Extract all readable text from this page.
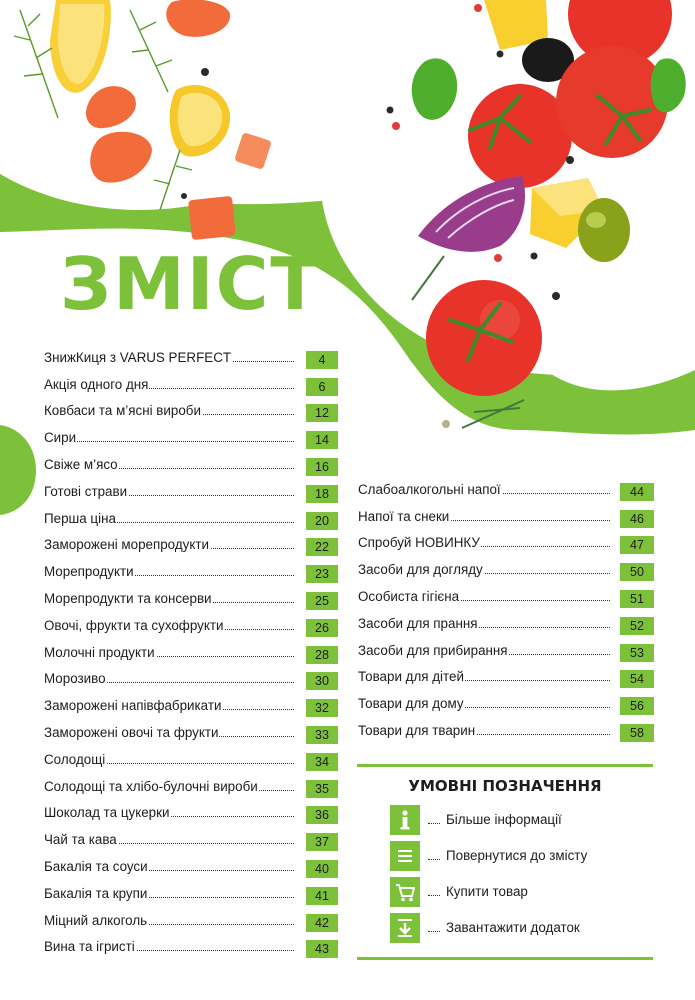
ЗМІСТ
ЗнижКиця з VARUS PERFECT	4
Акція одного дня	6
Ковбаси та м’ясні вироби	12
Сири	14
Свіже м’ясо	16
Готові страви	18
Перша ціна	20
Заморожені морепродукти	22
Морепродукти	23
Морепродукти та консерви	25
Овочі, фрукти та сухофрукти	26
Молочні продукти	28
Морозиво	30
Заморожені напівфабрикати	32
Заморожені овочі та фрукти	33
Солодощі	34
Солодощі та хлібо-булочні вироби	35
Шоколад та цукерки	36
Чай та кава	37
Бакалія та соуси	40
Бакалія та крупи	41
Міцний алкоголь	42
Вина та ігристі	43
Слабоалкогольні напої	44
Напої та снеки	46
Спробуй НОВИНКУ	47
Засоби для догляду	50
Особиста гігієна	51
Засоби для прання	52
Засоби для прибирання	53
Товари для дітей	54
Товари для дому	56
Товари для тварин	58
УМОВНІ ПОЗНАЧЕННЯ
Більше інформації
Повернутися до змісту
Купити товар
Завантажити додаток
